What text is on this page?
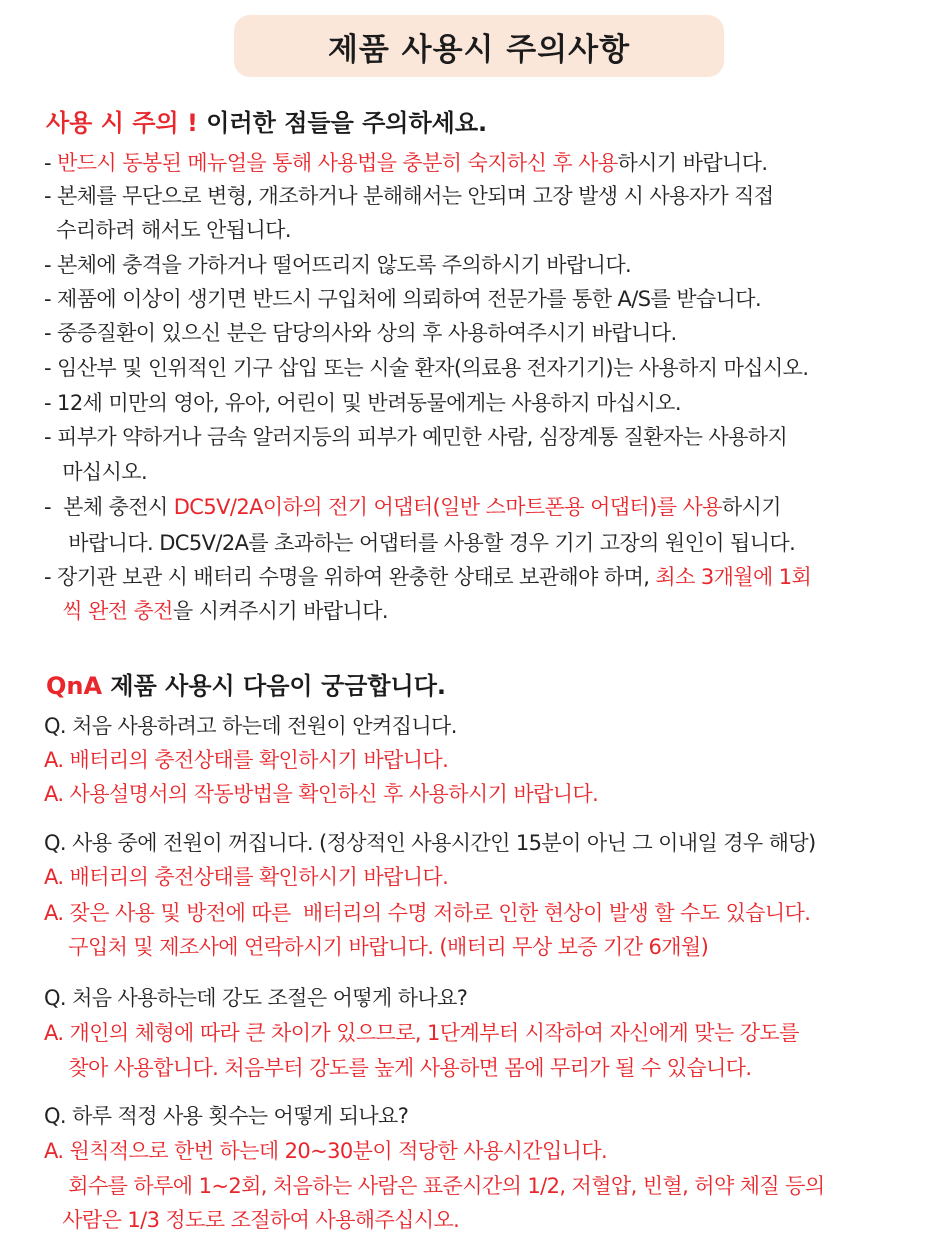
제품 사용시 주의사항
사용 시 주의 ! 이러한 점들을 주의하세요.
- 반드시 동봉된 메뉴얼을 통해 사용법을 충분히 숙지하신 후 사용하시기 바랍니다.
- 본체를 무단으로 변형, 개조하거나 분해해서는 안되며 고장 발생 시 사용자가 직접
수리하려 해서도 안됩니다.
- 본체에 충격을 가하거나 떨어뜨리지 않도록 주의하시기 바랍니다.
- 제품에 이상이 생기면 반드시 구입처에 의뢰하여 전문가를 통한 A/S를 받습니다.
- 중증질환이 있으신 분은 담당의사와 상의 후 사용하여주시기 바랍니다.
- 임산부 및 인위적인 기구 삽입 또는 시술 환자(의료용 전자기기)는 사용하지 마십시오.
- 12세 미만의 영아, 유아, 어린이 및 반려동물에게는 사용하지 마십시오.
- 피부가 약하거나 금속 알러지등의 피부가 예민한 사람, 심장계통 질환자는 사용하지
마십시오.
-  본체 충전시 DC5V/2A이하의 전기 어댑터(일반 스마트폰용 어댑터)를 사용하시기
바랍니다. DC5V/2A를 초과하는 어댑터를 사용할 경우 기기 고장의 원인이 됩니다.
- 장기관 보관 시 배터리 수명을 위하여 완충한 상태로 보관해야 하며, 최소 3개월에 1회
씩 완전 충전을 시켜주시기 바랍니다.
QnA 제품 사용시 다음이 궁금합니다.
Q. 처음 사용하려고 하는데 전원이 안켜집니다.
A. 배터리의 충전상태를 확인하시기 바랍니다.
A. 사용설명서의 작동방법을 확인하신 후 사용하시기 바랍니다.
Q. 사용 중에 전원이 꺼집니다. (정상적인 사용시간인 15분이 아닌 그 이내일 경우 해당)
A. 배터리의 충전상태를 확인하시기 바랍니다.
A. 잦은 사용 및 방전에 따른  배터리의 수명 저하로 인한 현상이 발생 할 수도 있습니다.
구입처 및 제조사에 연락하시기 바랍니다. (배터리 무상 보증 기간 6개월)
Q. 처음 사용하는데 강도 조절은 어떻게 하나요?
A. 개인의 체형에 따라 큰 차이가 있으므로, 1단계부터 시작하여 자신에게 맞는 강도를
찾아 사용합니다. 처음부터 강도를 높게 사용하면 몸에 무리가 될 수 있습니다.
Q. 하루 적정 사용 횟수는 어떻게 되나요?
A. 원칙적으로 한번 하는데 20~30분이 적당한 사용시간입니다.
회수를 하루에 1~2회, 처음하는 사람은 표준시간의 1/2, 저혈압, 빈혈, 허약 체질 등의
사람은 1/3 정도로 조절하여 사용해주십시오.
